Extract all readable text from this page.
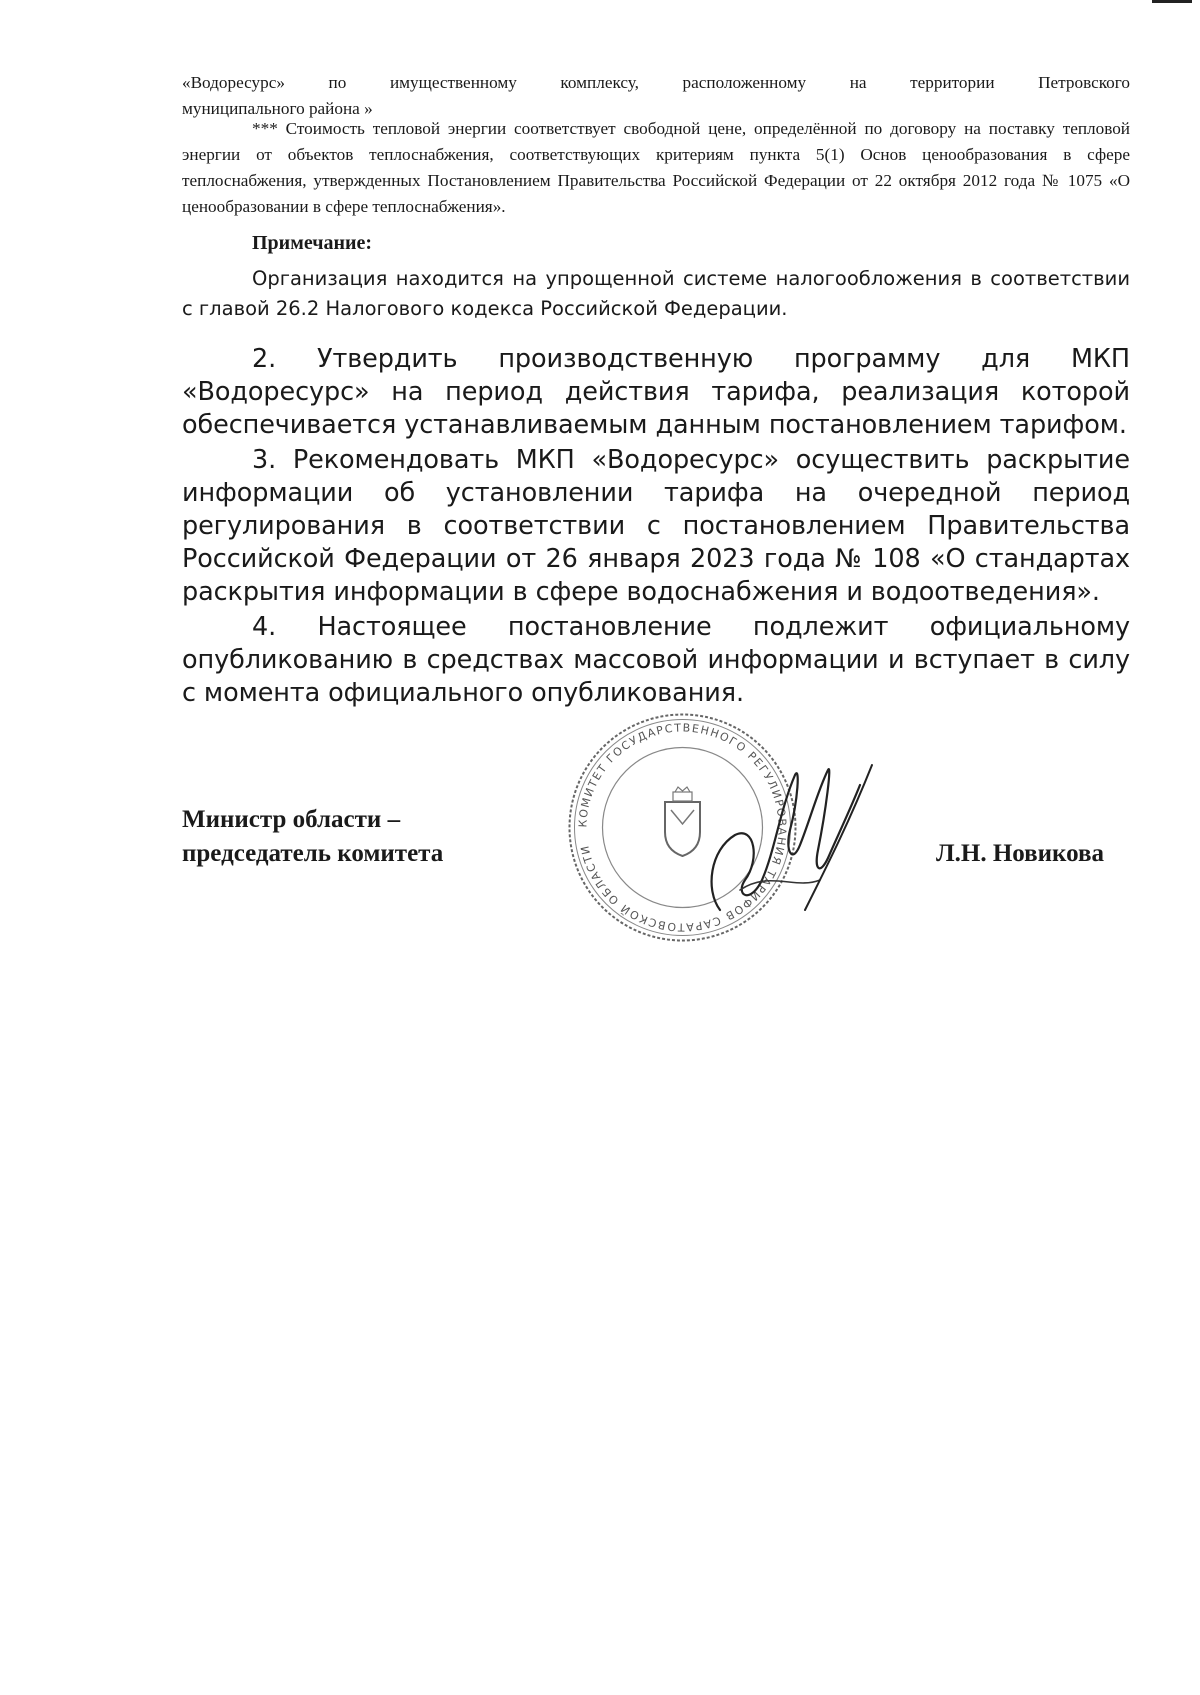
«Водоресурс» по имущественному комплексу, расположенному на территории Петровского
муниципального района »
*** Стоимость тепловой энергии соответствует свободной цене, определённой по договору на поставку тепловой энергии от объектов теплоснабжения, соответствующих критериям пункта 5(1) Основ ценообразования в сфере теплоснабжения, утвержденных Постановлением Правительства Российской Федерации от 22 октября 2012 года № 1075 «О ценообразовании в сфере теплоснабжения».
Примечание:
Организация находится на упрощенной системе налогообложения в соответствии с главой 26.2 Налогового кодекса Российской Федерации.
2. Утвердить производственную программу для МКП «Водоресурс» на период действия тарифа, реализация которой обеспечивается устанавливаемым данным постановлением тарифом.
3. Рекомендовать МКП «Водоресурс» осуществить раскрытие информации об установлении тарифа на очередной период регулирования в соответствии с постановлением Правительства Российской Федерации от 26 января 2023 года № 108 «О стандартах раскрытия информации в сфере водоснабжения и водоотведения».
4. Настоящее постановление подлежит официальному опубликованию в средствах массовой информации и вступает в силу с момента официального опубликования.
Министр области –
председатель комитета
КОМИТЕТ ГОСУДАРСТВЕННОГО РЕГУЛИРОВАНИЯ ТАРИФОВ САРАТОВСКОЙ ОБЛАСТИ	Л.Н. Новикова
